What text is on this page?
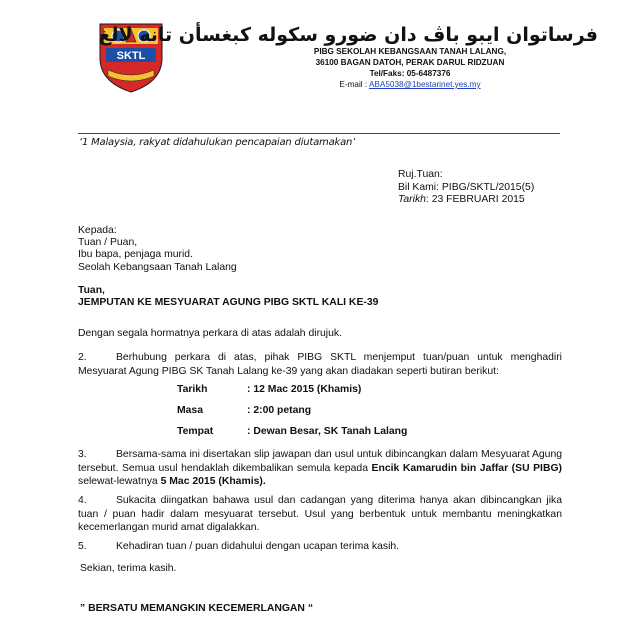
SKTL
فرساتوان ايبو باڤ دان ضورو سكوله كبغسأن تانه لالغ
PIBG SEKOLAH KEBANGSAAN TANAH LALANG,
36100 BAGAN DATOH, PERAK DARUL RIDZUAN
Tel/Faks: 05-6487376
E-mail : ABA5038@1bestarinet.yes.my
‘1 Malaysia, rakyat didahulukan pencapaian diutamakan’
Ruj.Tuan:
Bil Kami: PIBG/SKTL/2015(5)
Tarikh: 23 FEBRUARI 2015
Kepada:
Tuan / Puan,
Ibu bapa, penjaga murid.
Seolah Kebangsaan Tanah Lalang
Tuan,
JEMPUTAN KE MESYUARAT AGUNG PIBG SKTL KALI KE-39
Dengan segala hormatnya perkara di atas adalah dirujuk.
2.	Berhubung perkara di atas, pihak PIBG SKTL menjemput tuan/puan untuk menghadiri Mesyuarat Agung PIBG SK Tanah Lalang ke-39 yang akan diadakan seperti butiran berikut:
Tarikh	: 12 Mac 2015 (Khamis)
Masa	: 2:00 petang
Tempat	: Dewan Besar, SK Tanah Lalang
3.	Bersama-sama ini disertakan slip jawapan dan usul untuk dibincangkan dalam Mesyuarat Agung tersebut. Semua usul hendaklah dikembalikan semula kepada Encik Kamarudin bin Jaffar (SU PIBG) selewat-lewatnya 5 Mac 2015 (Khamis).
4.	Sukacita diingatkan bahawa usul dan cadangan yang diterima hanya akan dibincangkan jika tuan / puan hadir dalam mesyuarat tersebut. Usul yang berbentuk untuk membantu meningkatkan kecemerlangan murid amat digalakkan.
5.	Kehadiran tuan / puan didahului dengan ucapan terima kasih.
Sekian, terima kasih.
” BERSATU MEMANGKIN KECEMERLANGAN “
